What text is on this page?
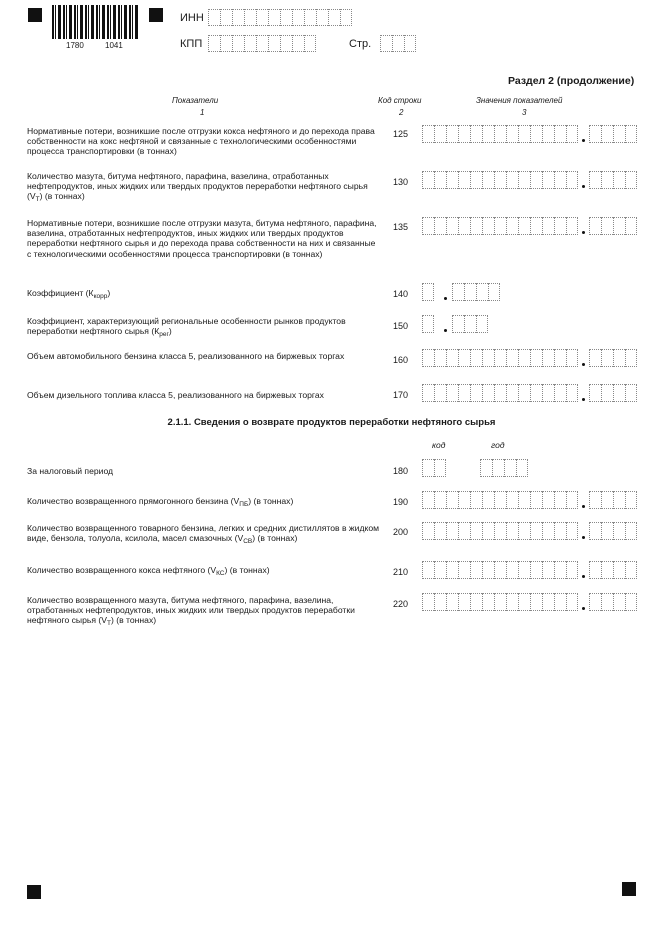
1780	1041
ИНН
КПП	Стр.
Раздел 2 (продолжение)
Показатели
1
Код строки
2
Значения показателей
3
Нормативные потери, возникшие после отгрузки кокса нефтяного и до перехода права собственности на кокс нефтяной и связанные с технологическими особенностями процесса транспортировки (в тоннах)
125
Количество мазута, битума нефтяного, парафина, вазелина, отработанных нефтепродуктов, иных жидких или твердых продуктов переработки нефтяного сырья $(V_Т)$ (в тоннах)
130
Нормативные потери, возникшие после отгрузки мазута, битума нефтяного, парафина, вазелина, отработанных нефтепродуктов, иных жидких или твердых продуктов переработки нефтяного сырья и до перехода права собственности на них и связанные с технологическими особенностями процесса транспортировки (в тоннах)
135
Коэффициент $(К_{корр})$	140
Коэффициент, характеризующий региональные особенности рынков продуктов переработки нефтяного сырья $(К_{рег})$
150
Объем автомобильного бензина класса 5, реализованного на биржевых торгах	160
Объем дизельного топлива класса 5, реализованного на биржевых торгах	170
2.1.1. Сведения о возврате продуктов переработки нефтяного сырья
код	год
За налоговый период	180
Количество возвращенного прямогонного бензина $(V_{ПБ})$ (в тоннах)	190
Количество возвращенного товарного бензина, легких и средних дистиллятов в жидком виде, бензола, толуола, ксилола, масел смазочных $(V_{СВ})$ (в тоннах)
200
Количество возвращенного кокса нефтяного $(V_{КС})$ (в тоннах)	210
Количество возвращенного мазута, битума нефтяного, парафина, вазелина, отработанных нефтепродуктов, иных жидких или твердых продуктов переработки нефтяного сырья $(V_Т)$ (в тоннах)
220
